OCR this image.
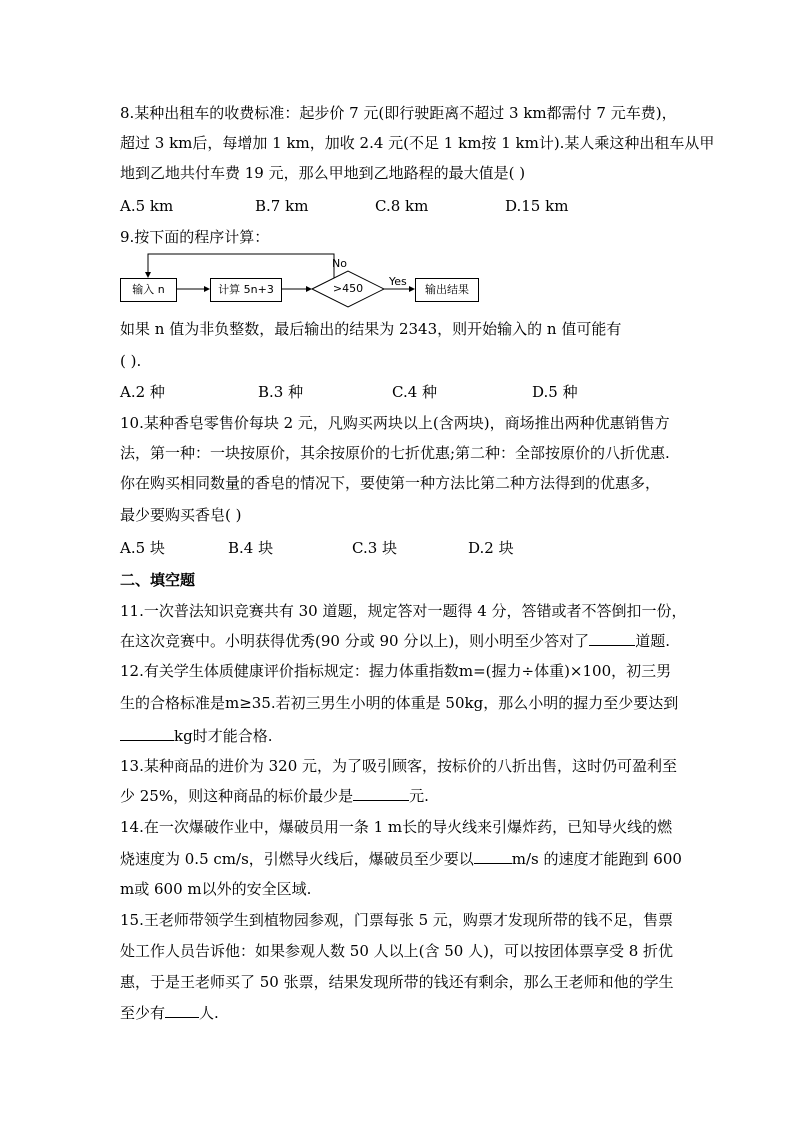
8.某种出租车的收费标准：起步价 7 元(即行驶距离不超过 3 km都需付 7 元车费)，
超过 3 km后，每增加 1 km，加收 2.4 元(不足 1 km按 1 km计).某人乘这种出租车从甲
地到乙地共付车费 19 元，那么甲地到乙地路程的最大值是( )
A.5 km	B.7 km	C.8 km	D.15 km
9.按下面的程序计算：
输入 n	计算 5n+3	>450	输出结果
No
Yes
如果 n 值为非负整数，最后输出的结果为 2343，则开始输入的 n 值可能有
( ).
A.2 种	B.3 种	C.4 种	D.5 种
10.某种香皂零售价每块 2 元，凡购买两块以上(含两块)，商场推出两种优惠销售方
法，第一种：一块按原价，其余按原价的七折优惠;第二种：全部按原价的八折优惠.
你在购买相同数量的香皂的情况下，要使第一种方法比第二种方法得到的优惠多，
最少要购买香皂( )
A.5 块	B.4 块	C.3 块	D.2 块
二、填空题
11.一次普法知识竞赛共有 30 道题，规定答对一题得 4 分，答错或者不答倒扣一份，
在这次竞赛中。小明获得优秀(90 分或 90 分以上)，则小明至少答对了	道题.
12.有关学生体质健康评价指标规定：握力体重指数m=(握力÷体重)×100，初三男
生的合格标准是m≥35.若初三男生小明的体重是 50kg，那么小明的握力至少要达到
kg时才能合格.
13.某种商品的进价为 320 元，为了吸引顾客，按标价的八折出售，这时仍可盈利至
少 25%，则这种商品的标价最少是	元.
14.在一次爆破作业中，爆破员用一条 1 m长的导火线来引爆炸药，已知导火线的燃
烧速度为 0.5 cm/s，引燃导火线后，爆破员至少要以	m/s 的速度才能跑到 600
m或 600 m以外的安全区域.
15.王老师带领学生到植物园参观，门票每张 5 元，购票才发现所带的钱不足，售票
处工作人员告诉他：如果参观人数 50 人以上(含 50 人)，可以按团体票享受 8 折优
惠，于是王老师买了 50 张票，结果发现所带的钱还有剩余，那么王老师和他的学生
至少有 人.
